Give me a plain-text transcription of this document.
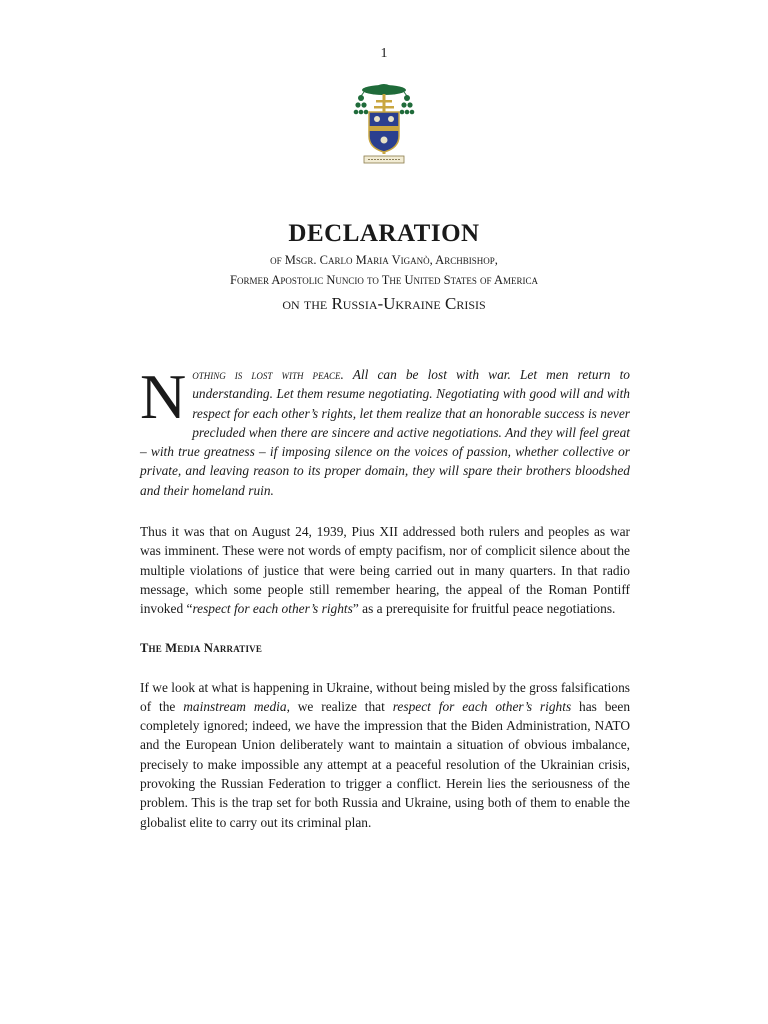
1

DECLARATION

of Msgr. Carlo Maria Viganò, Archbishop,

Former Apostolic Nuncio to The United States of America

on the Russia-Ukraine Crisis

Nothing is lost with peace. All can be lost with war. Let men return to understanding. Let them resume negotiating. Negotiating with good will and with respect for each other’s rights, let them realize that an honorable success is never precluded when there are sincere and active negotiations. And they will feel great – with true greatness – if imposing silence on the voices of passion, whether collective or private, and leaving reason to its proper domain, they will spare their brothers bloodshed and their homeland ruin.

Thus it was that on August 24, 1939, Pius XII addressed both rulers and peoples as war was imminent. These were not words of empty pacifism, nor of complicit silence about the multiple violations of justice that were being carried out in many quarters. In that radio message, which some people still remember hearing, the appeal of the Roman Pontiff invoked “respect for each other’s rights” as a prerequisite for fruitful peace negotiations.

The Media Narrative

If we look at what is happening in Ukraine, without being misled by the gross falsifications of the mainstream media, we realize that respect for each other’s rights has been completely ignored; indeed, we have the impression that the Biden Administration, NATO and the European Union deliberately want to maintain a situation of obvious imbalance, precisely to make impossible any attempt at a peaceful resolution of the Ukrainian crisis, provoking the Russian Federation to trigger a conflict. Herein lies the seriousness of the problem. This is the trap set for both Russia and Ukraine, using both of them to enable the globalist elite to carry out its criminal plan.
